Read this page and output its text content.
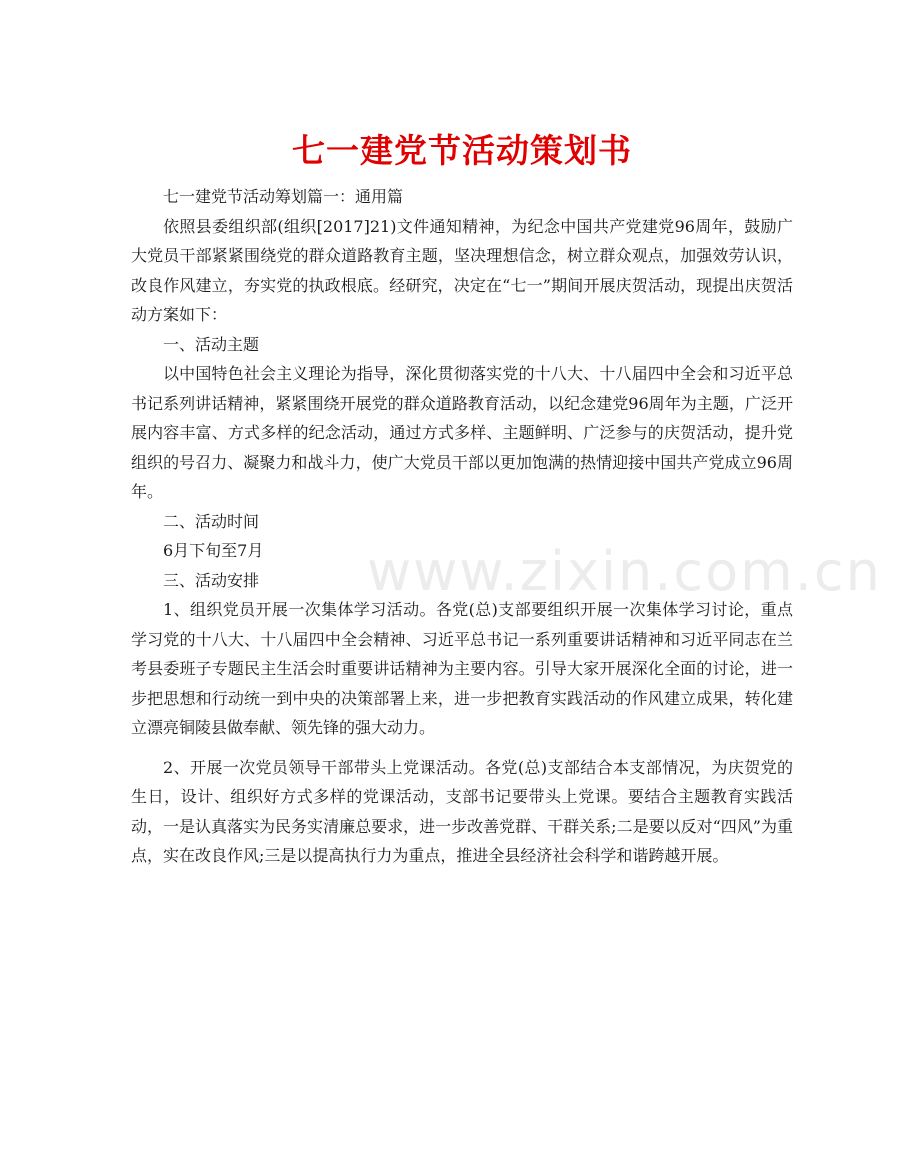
七一建党节活动策划书

七一建党节活动筹划篇一：通用篇

依照县委组织部(组织[2017]21)文件通知精神，为纪念中国共产党建党96周年，鼓励广大党员干部紧紧围绕党的群众道路教育主题，坚决理想信念，树立群众观点，加强效劳认识，改良作风建立，夯实党的执政根底。经研究，决定在“七一”期间开展庆贺活动，现提出庆贺活动方案如下：

一、活动主题

以中国特色社会主义理论为指导，深化贯彻落实党的十八大、十八届四中全会和习近平总书记系列讲话精神，紧紧围绕开展党的群众道路教育活动，以纪念建党96周年为主题，广泛开展内容丰富、方式多样的纪念活动，通过方式多样、主题鲜明、广泛参与的庆贺活动，提升党组织的号召力、凝聚力和战斗力，使广大党员干部以更加饱满的热情迎接中国共产党成立96周年。

二、活动时间

6月下旬至7月

三、活动安排

1、组织党员开展一次集体学习活动。各党(总)支部要组织开展一次集体学习讨论，重点学习党的十八大、十八届四中全会精神、习近平总书记一系列重要讲话精神和习近平同志在兰考县委班子专题民主生活会时重要讲话精神为主要内容。引导大家开展深化全面的讨论，进一步把思想和行动统一到中央的决策部署上来，进一步把教育实践活动的作风建立成果，转化建立漂亮铜陵县做奉献、领先锋的强大动力。

2、开展一次党员领导干部带头上党课活动。各党(总)支部结合本支部情况，为庆贺党的生日，设计、组织好方式多样的党课活动，支部书记要带头上党课。要结合主题教育实践活动，一是认真落实为民务实清廉总要求，进一步改善党群、干群关系;二是要以反对“四风”为重点，实在改良作风;三是以提高执行力为重点，推进全县经济社会科学和谐跨越开展。

www.zixin.com.cn
